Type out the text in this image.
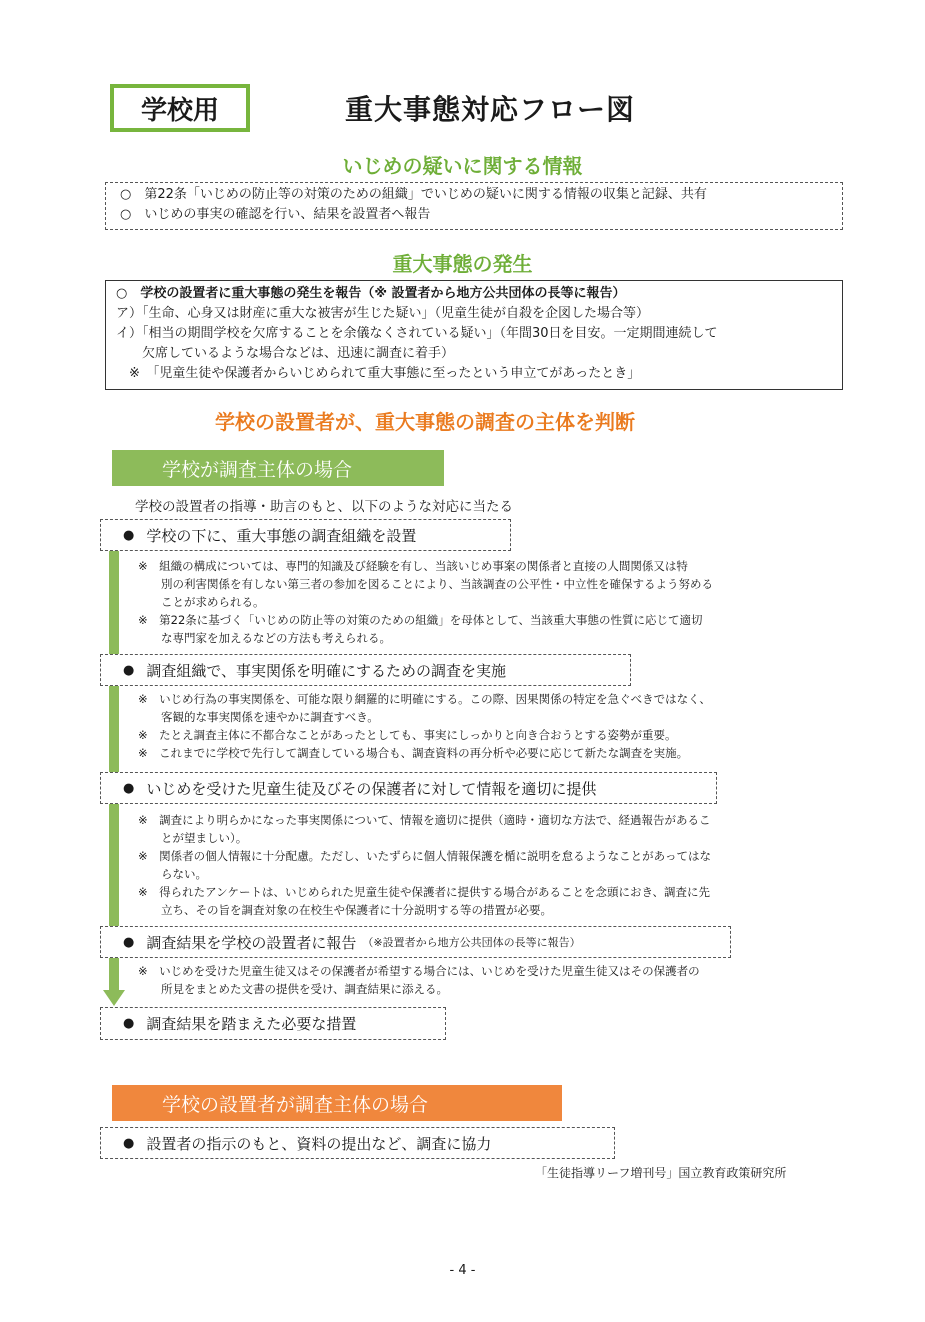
学校用	重大事態対応フロー図
いじめの疑いに関する情報
○　第22条「いじめの防止等の対策のための組織」でいじめの疑いに関する情報の収集と記録、共有
○　いじめの事実の確認を行い、結果を設置者へ報告
重大事態の発生
○　学校の設置者に重大事態の発生を報告（※ 設置者から地方公共団体の長等に報告）
ア）「生命、心身又は財産に重大な被害が生じた疑い」（児童生徒が自殺を企図した場合等）
イ）「相当の期間学校を欠席することを余儀なくされている疑い」（年間30日を目安。一定期間連続して
　　欠席しているような場合などは、迅速に調査に着手）
　※　「児童生徒や保護者からいじめられて重大事態に至ったという申立てがあったとき」
学校の設置者が、重大事態の調査の主体を判断
学校が調査主体の場合
学校の設置者の指導・助言のもと、以下のような対応に当たる
● 学校の下に、重大事態の調査組織を設置
※　組織の構成については、専門的知識及び経験を有し、当該いじめ事案の関係者と直接の人間関係又は特
　　別の利害関係を有しない第三者の参加を図ることにより、当該調査の公平性・中立性を確保するよう努める
　　ことが求められる。
※　第22条に基づく「いじめの防止等の対策のための組織」を母体として、当該重大事態の性質に応じて適切
　　な専門家を加えるなどの方法も考えられる。
● 調査組織で、事実関係を明確にするための調査を実施
※　いじめ行為の事実関係を、可能な限り網羅的に明確にする。この際、因果関係の特定を急ぐべきではなく、
　　客観的な事実関係を速やかに調査すべき。
※　たとえ調査主体に不都合なことがあったとしても、事実にしっかりと向き合おうとする姿勢が重要。
※　これまでに学校で先行して調査している場合も、調査資料の再分析や必要に応じて新たな調査を実施。
● いじめを受けた児童生徒及びその保護者に対して情報を適切に提供
※　調査により明らかになった事実関係について、情報を適切に提供（適時・適切な方法で、経過報告があるこ
　　とが望ましい）。
※　関係者の個人情報に十分配慮。ただし、いたずらに個人情報保護を楯に説明を怠るようなことがあってはな
　　らない。
※　得られたアンケートは、いじめられた児童生徒や保護者に提供する場合があることを念頭におき、調査に先
　　立ち、その旨を調査対象の在校生や保護者に十分説明する等の措置が必要。
● 調査結果を学校の設置者に報告 （※設置者から地方公共団体の長等に報告）
※　いじめを受けた児童生徒又はその保護者が希望する場合には、いじめを受けた児童生徒又はその保護者の
　　所見をまとめた文書の提供を受け、調査結果に添える。
● 調査結果を踏まえた必要な措置
学校の設置者が調査主体の場合
● 設置者の指示のもと、資料の提出など、調査に協力
「生徒指導リーフ増刊号」国立教育政策研究所
- 4 -
